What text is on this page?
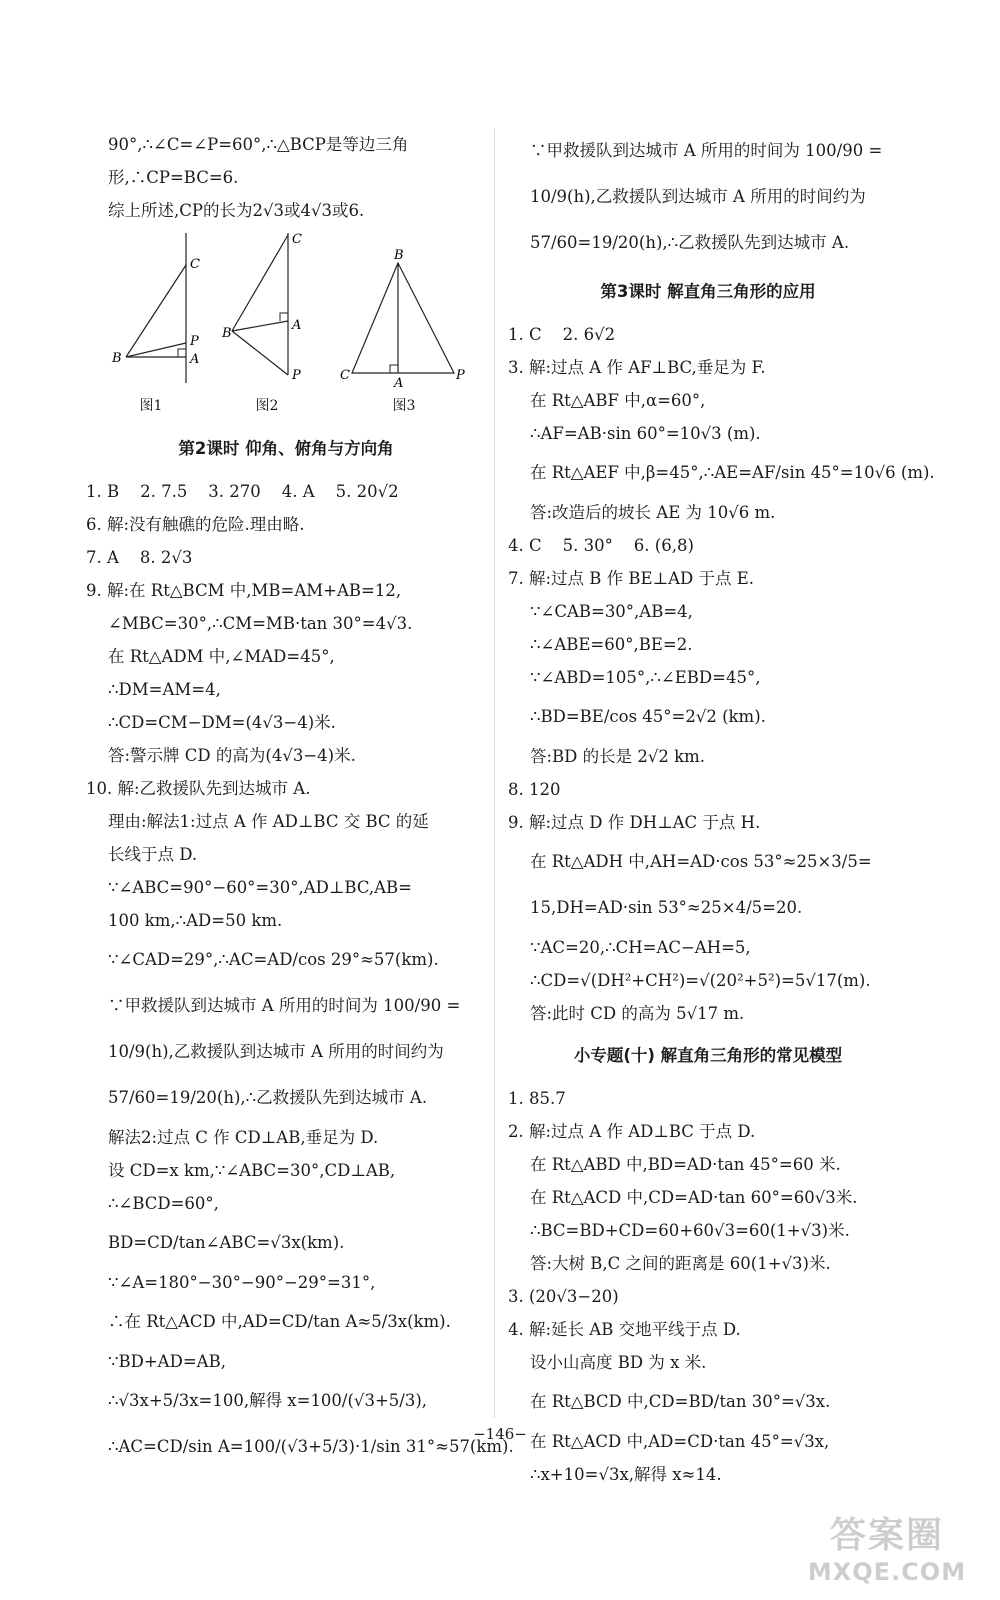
90°,∴∠C=∠P=60°,∴△BCP是等边三角
形,∴CP=BC=6.
综上所述,CP的长为2√3或4√3或6.
C
P
B	A
图1
C
B
A
P
图2
B
C
A
P
图3
第2课时 仰角、俯角与方向角
1. B    2. 7.5    3. 270    4. A    5. 20√2
6. 解:没有触礁的危险.理由略.
7. A    8. 2√3
9. 解:在 Rt△BCM 中,MB=AM+AB=12,
∠MBC=30°,∴CM=MB·tan 30°=4√3.
在 Rt△ADM 中,∠MAD=45°,
∴DM=AM=4,
∴CD=CM−DM=(4√3−4)米.
答:警示牌 CD 的高为(4√3−4)米.
10. 解:乙救援队先到达城市 A.
理由:解法1:过点 A 作 AD⊥BC 交 BC 的延
长线于点 D.
∵∠ABC=90°−60°=30°,AD⊥BC,AB=
100 km,∴AD=50 km.
∵∠CAD=29°,∴AC=AD/cos 29°≈57(km).
∵甲救援队到达城市 A 所用的时间为 100/90 =
10/9(h),乙救援队到达城市 A 所用的时间约为
57/60=19/20(h),∴乙救援队先到达城市 A.
解法2:过点 C 作 CD⊥AB,垂足为 D.
设 CD=x km,∵∠ABC=30°,CD⊥AB,
∴∠BCD=60°,
BD=CD/tan∠ABC=√3x(km).
∵∠A=180°−30°−90°−29°=31°,
∴在 Rt△ACD 中,AD=CD/tan A≈5/3x(km).
∵BD+AD=AB,
∴√3x+5/3x=100,解得 x=100/(√3+5/3),
∴AC=CD/sin A=100/(√3+5/3)·1/sin 31°≈57(km).
∵甲救援队到达城市 A 所用的时间为 100/90 =
10/9(h),乙救援队到达城市 A 所用的时间约为
57/60=19/20(h),∴乙救援队先到达城市 A.
第3课时 解直角三角形的应用
1. C    2. 6√2
3. 解:过点 A 作 AF⊥BC,垂足为 F.
在 Rt△ABF 中,α=60°,
∴AF=AB·sin 60°=10√3 (m).
在 Rt△AEF 中,β=45°,∴AE=AF/sin 45°=10√6 (m).
答:改造后的坡长 AE 为 10√6 m.
4. C    5. 30°    6. (6,8)
7. 解:过点 B 作 BE⊥AD 于点 E.
∵∠CAB=30°,AB=4,
∴∠ABE=60°,BE=2.
∵∠ABD=105°,∴∠EBD=45°,
∴BD=BE/cos 45°=2√2 (km).
答:BD 的长是 2√2 km.
8. 120
9. 解:过点 D 作 DH⊥AC 于点 H.
在 Rt△ADH 中,AH=AD·cos 53°≈25×3/5=
15,DH=AD·sin 53°≈25×4/5=20.
∵AC=20,∴CH=AC−AH=5,
∴CD=√(DH²+CH²)=√(20²+5²)=5√17(m).
答:此时 CD 的高为 5√17 m.
小专题(十) 解直角三角形的常见模型
1. 85.7
2. 解:过点 A 作 AD⊥BC 于点 D.
在 Rt△ABD 中,BD=AD·tan 45°=60 米.
在 Rt△ACD 中,CD=AD·tan 60°=60√3米.
∴BC=BD+CD=60+60√3=60(1+√3)米.
答:大树 B,C 之间的距离是 60(1+√3)米.
3. (20√3−20)
4. 解:延长 AB 交地平线于点 D.
设小山高度 BD 为 x 米.
在 Rt△BCD 中,CD=BD/tan 30°=√3x.
在 Rt△ACD 中,AD=CD·tan 45°=√3x,
∴x+10=√3x,解得 x≈14.
−146−
答案圈
MXQE.COM
